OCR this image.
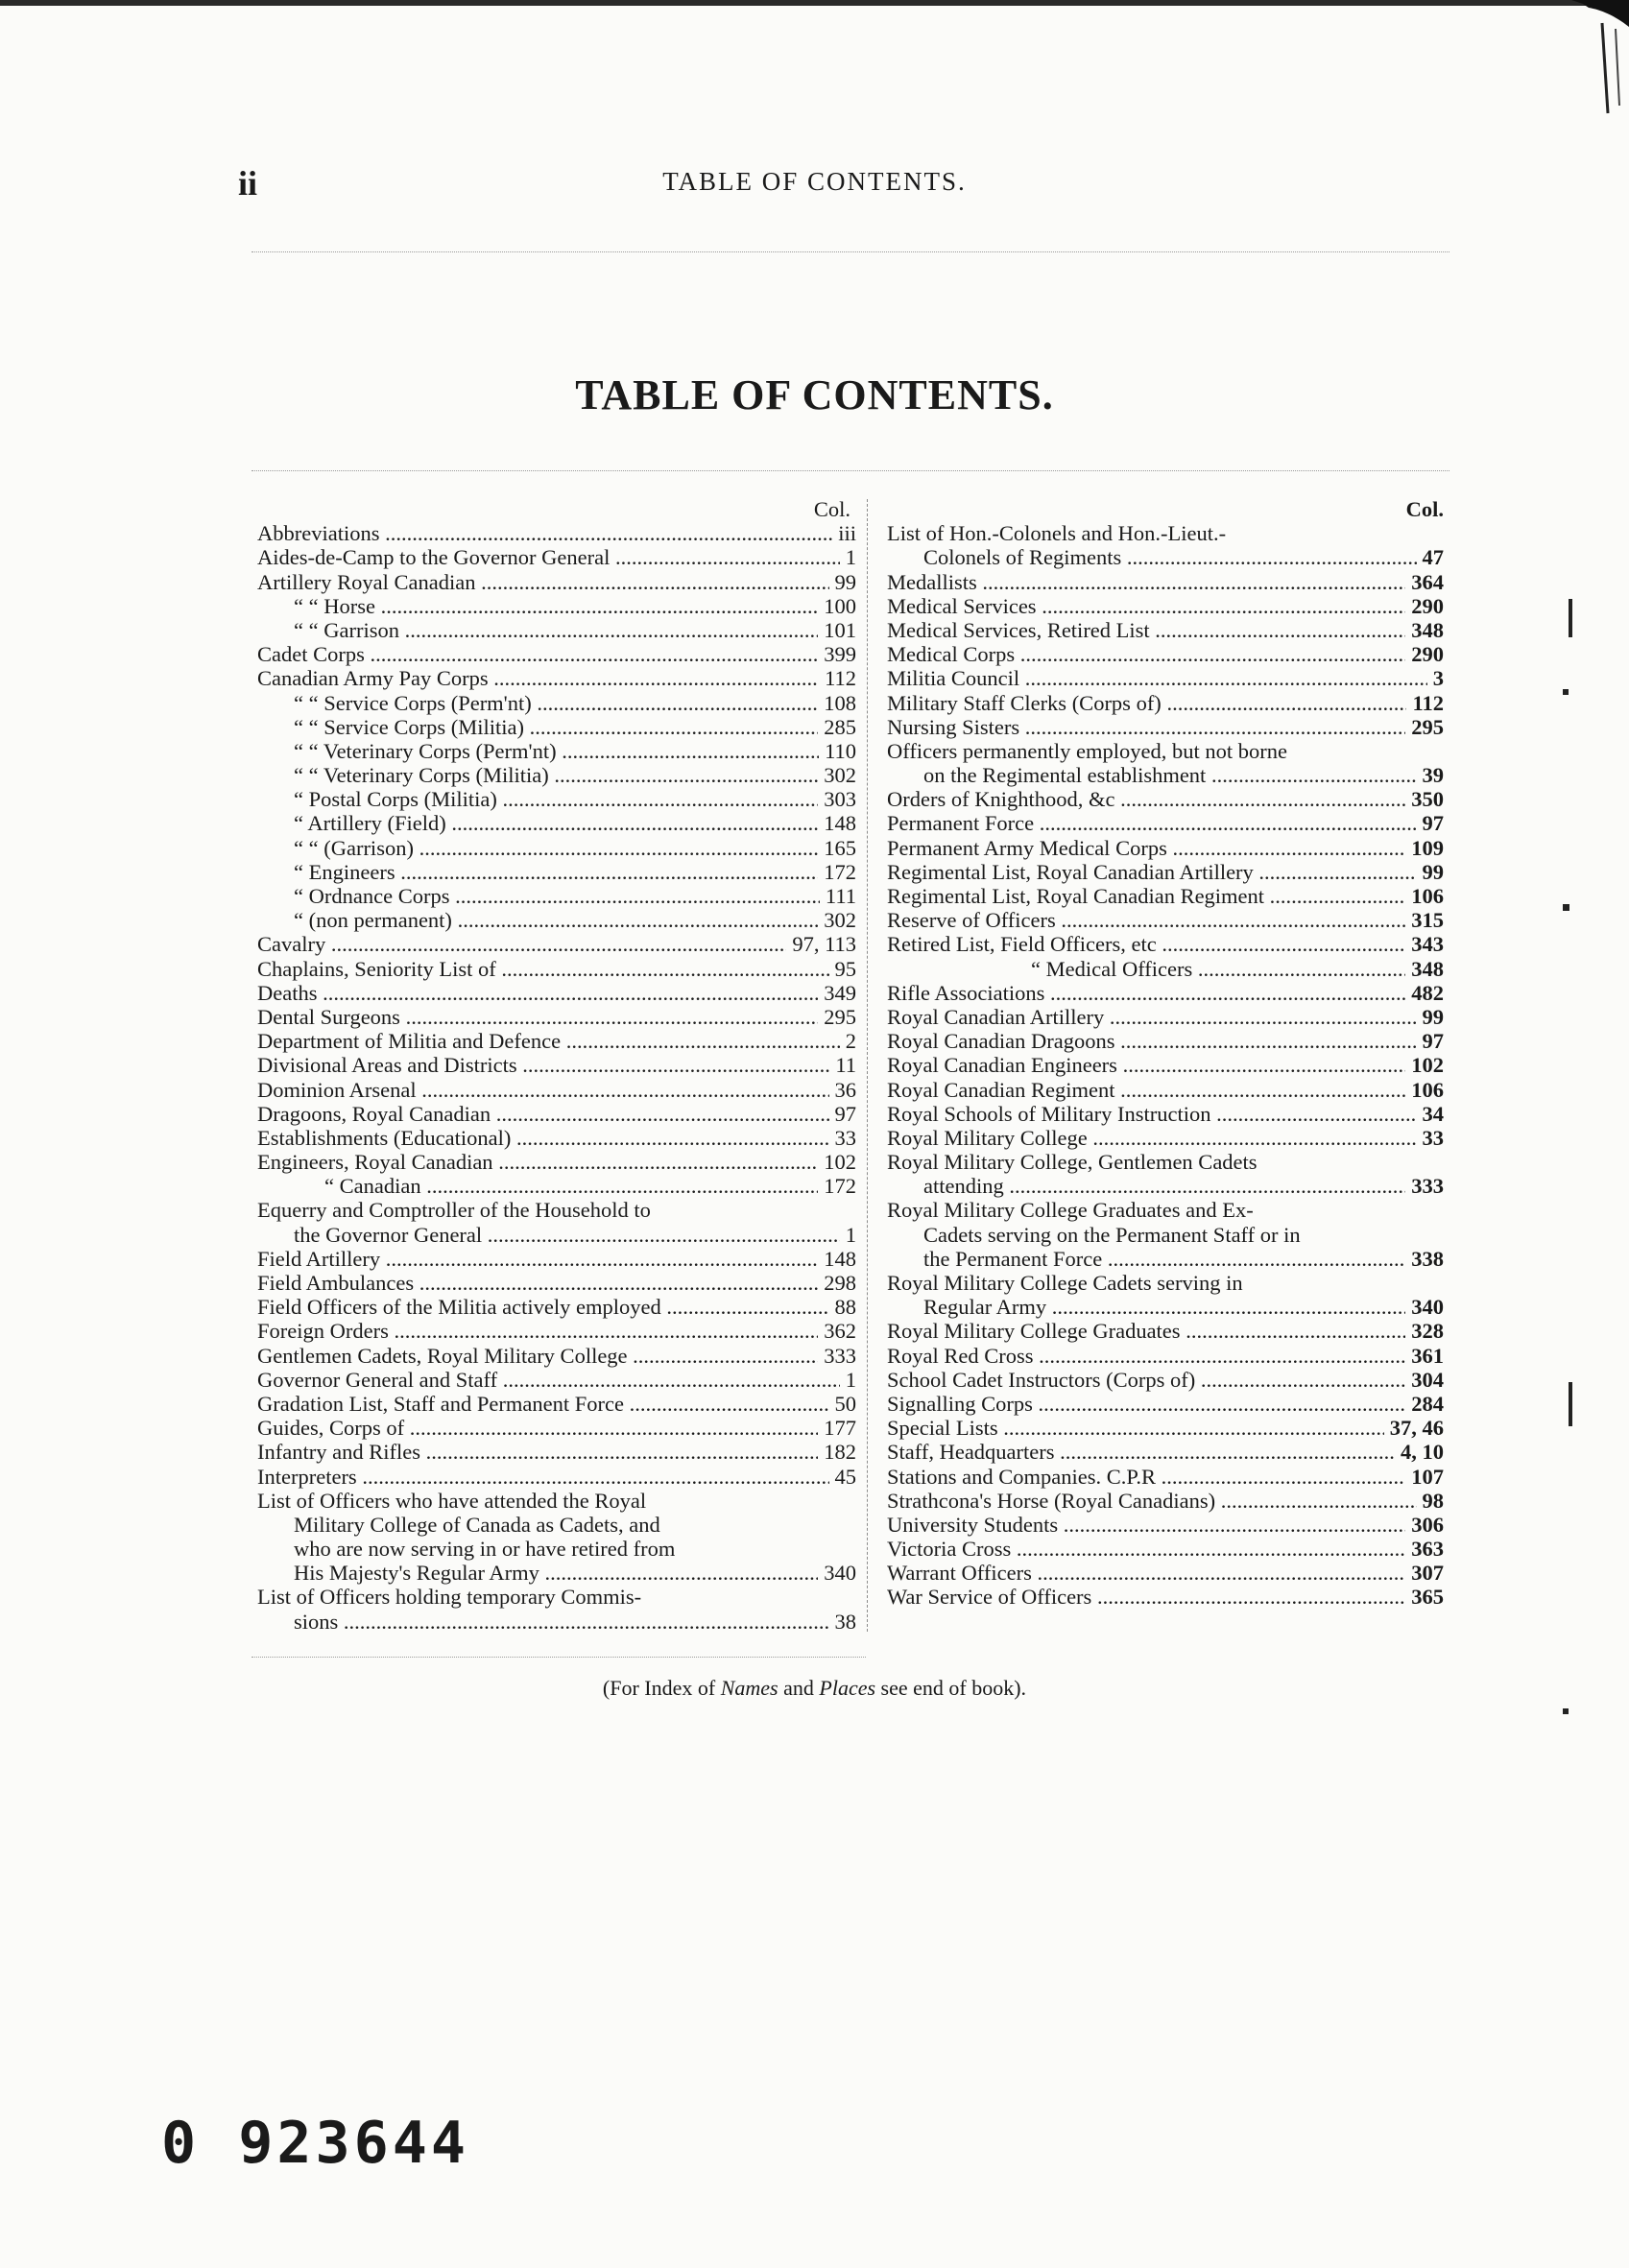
ii	TABLE OF CONTENTS.
TABLE OF CONTENTS.
Col.
Abbreviations .....	iii
Aides-de-Camp to the Governor General .....	1
Artillery Royal Canadian .....	99
“ “ Horse .....	100
“ “ Garrison .....	101
Cadet Corps .....	399
Canadian Army Pay Corps .....	112
“ “ Service Corps (Perm'nt) .....	108
“ “ Service Corps (Militia) .....	285
“ “ Veterinary Corps (Perm'nt) .....	110
“ “ Veterinary Corps (Militia) .....	302
“ Postal Corps (Militia) .....	303
“ Artillery (Field) .....	148
“ “ (Garrison) .....	165
“ Engineers .....	172
“ Ordnance Corps .....	111
“ (non permanent) .....	302
Cavalry .....	97, 113
Chaplains, Seniority List of .....	95
Deaths .....	349
Dental Surgeons .....	295
Department of Militia and Defence .....	2
Divisional Areas and Districts .....	11
Dominion Arsenal .....	36
Dragoons, Royal Canadian .....	97
Establishments (Educational) .....	33
Engineers, Royal Canadian .....	102
“ Canadian .....	172
Equerry and Comptroller of the Household to
the Governor General .....	1
Field Artillery .....	148
Field Ambulances .....	298
Field Officers of the Militia actively employed .....	88
Foreign Orders .....	362
Gentlemen Cadets, Royal Military College .....	333
Governor General and Staff .....	1
Gradation List, Staff and Permanent Force .....	50
Guides, Corps of .....	177
Infantry and Rifles .....	182
Interpreters .....	45
List of Officers who have attended the Royal
Military College of Canada as Cadets, and
who are now serving in or have retired from
His Majesty's Regular Army .....	340
List of Officers holding temporary Commis-
sions .....	38
Col.
List of Hon.-Colonels and Hon.-Lieut.-
Colonels of Regiments .....	47
Medallists .....	364
Medical Services .....	290
Medical Services, Retired List .....	348
Medical Corps .....	290
Militia Council .....	3
Military Staff Clerks (Corps of) .....	112
Nursing Sisters .....	295
Officers permanently employed, but not borne
on the Regimental establishment .....	39
Orders of Knighthood, &c .....	350
Permanent Force .....	97
Permanent Army Medical Corps .....	109
Regimental List, Royal Canadian Artillery .....	99
Regimental List, Royal Canadian Regiment .....	106
Reserve of Officers .....	315
Retired List, Field Officers, etc .....	343
“ Medical Officers .....	348
Rifle Associations .....	482
Royal Canadian Artillery .....	99
Royal Canadian Dragoons .....	97
Royal Canadian Engineers .....	102
Royal Canadian Regiment .....	106
Royal Schools of Military Instruction .....	34
Royal Military College .....	33
Royal Military College, Gentlemen Cadets
attending .....	333
Royal Military College Graduates and Ex-
Cadets serving on the Permanent Staff or in
the Permanent Force .....	338
Royal Military College Cadets serving in
Regular Army .....	340
Royal Military College Graduates .....	328
Royal Red Cross .....	361
School Cadet Instructors (Corps of) .....	304
Signalling Corps .....	284
Special Lists .....	37, 46
Staff, Headquarters .....	4, 10
Stations and Companies. C.P.R .....	107
Strathcona's Horse (Royal Canadians) .....	98
University Students .....	306
Victoria Cross .....	363
Warrant Officers .....	307
War Service of Officers .....	365
(For Index of Names and Places see end of book).
0 923644
